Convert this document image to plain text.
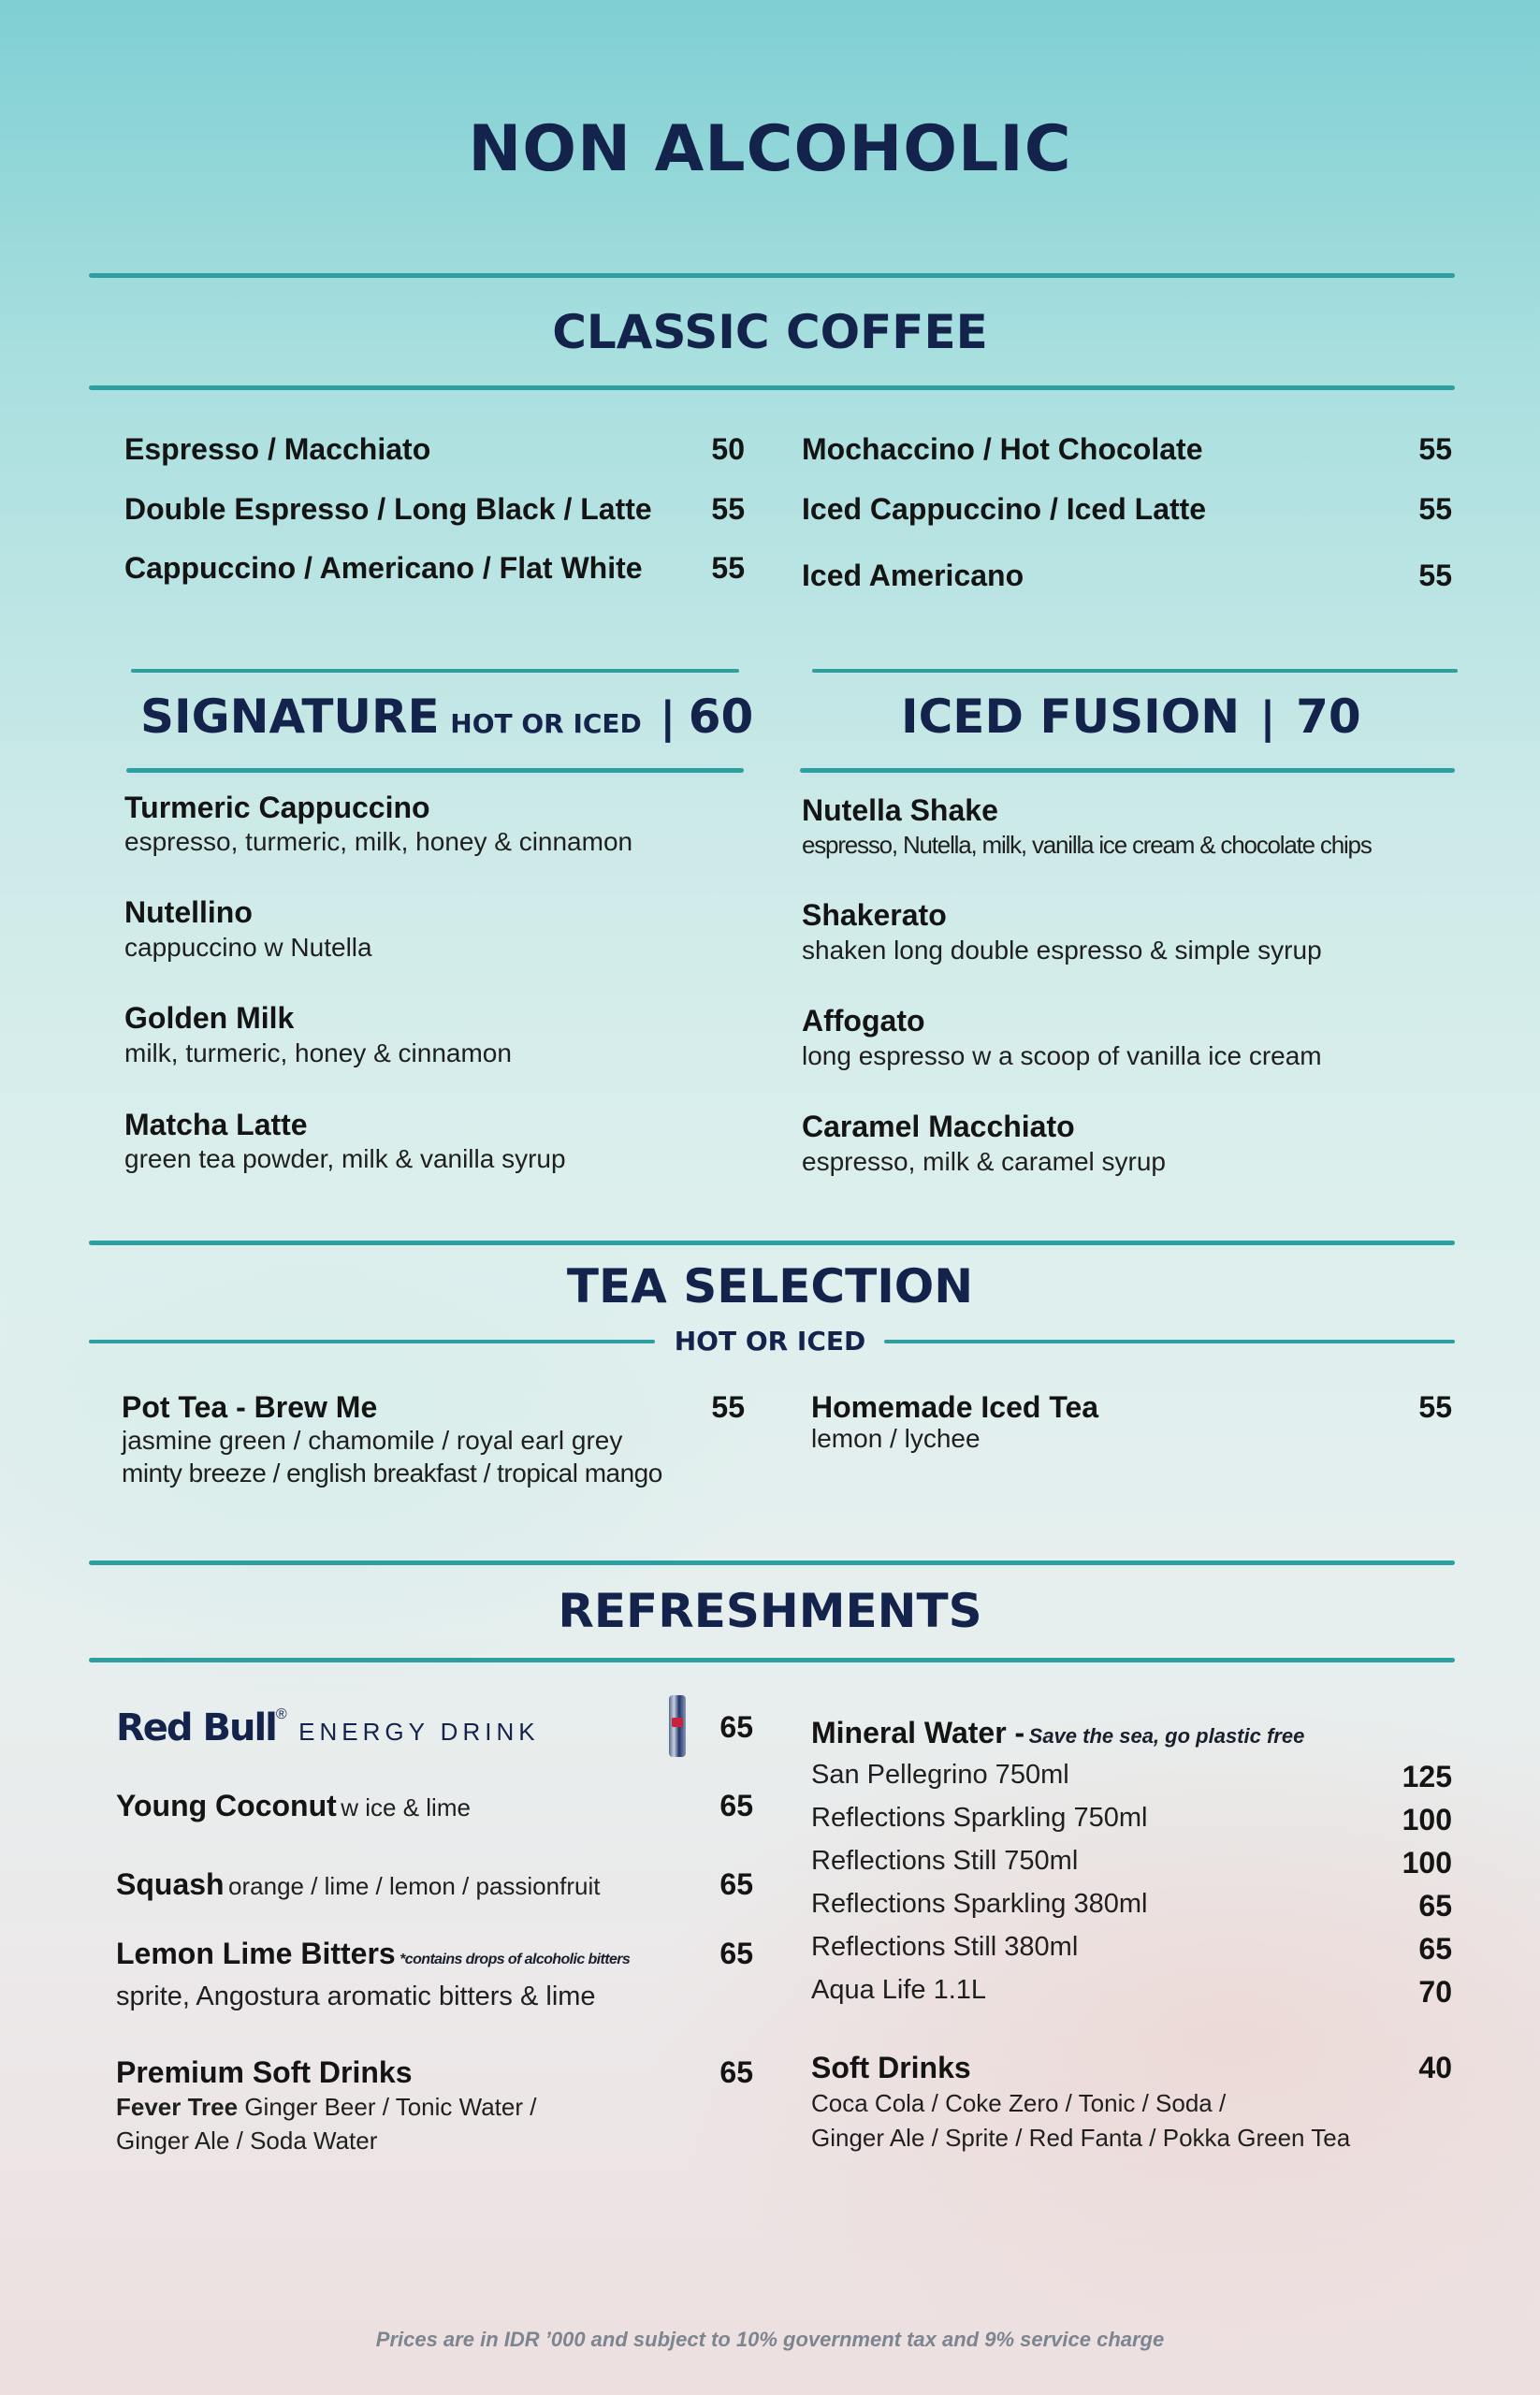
NON ALCOHOLIC
CLASSIC COFFEE
Espresso / Macchiato	50
Double Espresso / Long Black / Latte	55
Cappuccino / Americano / Flat White	55
Mochaccino / Hot Chocolate	55
Iced Cappuccino / Iced Latte	55
Iced Americano	55
SIGNATURE HOT OR ICED | 60	ICED FUSION | 70
Turmeric Cappuccino
espresso, turmeric, milk, honey & cinnamon
Nutellino
cappuccino w Nutella
Golden Milk
milk, turmeric, honey & cinnamon
Matcha Latte
green tea powder, milk & vanilla syrup
Nutella Shake
espresso, Nutella, milk, vanilla ice cream & chocolate chips
Shakerato
shaken long double espresso & simple syrup
Affogato
long espresso w a scoop of vanilla ice cream
Caramel Macchiato
espresso, milk & caramel syrup
TEA SELECTION
HOT OR ICED
Pot Tea - Brew Me	55
jasmine green / chamomile / royal earl grey
minty breeze / english breakfast / tropical mango
Homemade Iced Tea	55
lemon / lychee
REFRESHMENTS
Red Bull® ENERGY DRINK	65
Young Coconut w ice & lime	65
Squash orange / lime / lemon / passionfruit	65
Lemon Lime Bitters *contains drops of alcoholic bitters	65
sprite, Angostura aromatic bitters & lime
Premium Soft Drinks	65
Fever Tree Ginger Beer / Tonic Water /
Ginger Ale / Soda Water
Mineral Water - Save the sea, go plastic free
San Pellegrino 750ml	125
Reflections Sparkling 750ml	100
Reflections Still 750ml	100
Reflections Sparkling 380ml	65
Reflections Still 380ml	65
Aqua Life 1.1L	70
Soft Drinks	40
Coca Cola / Coke Zero / Tonic / Soda /
Ginger Ale / Sprite / Red Fanta / Pokka Green Tea
Prices are in IDR ’000 and subject to 10% government tax and 9% service charge
